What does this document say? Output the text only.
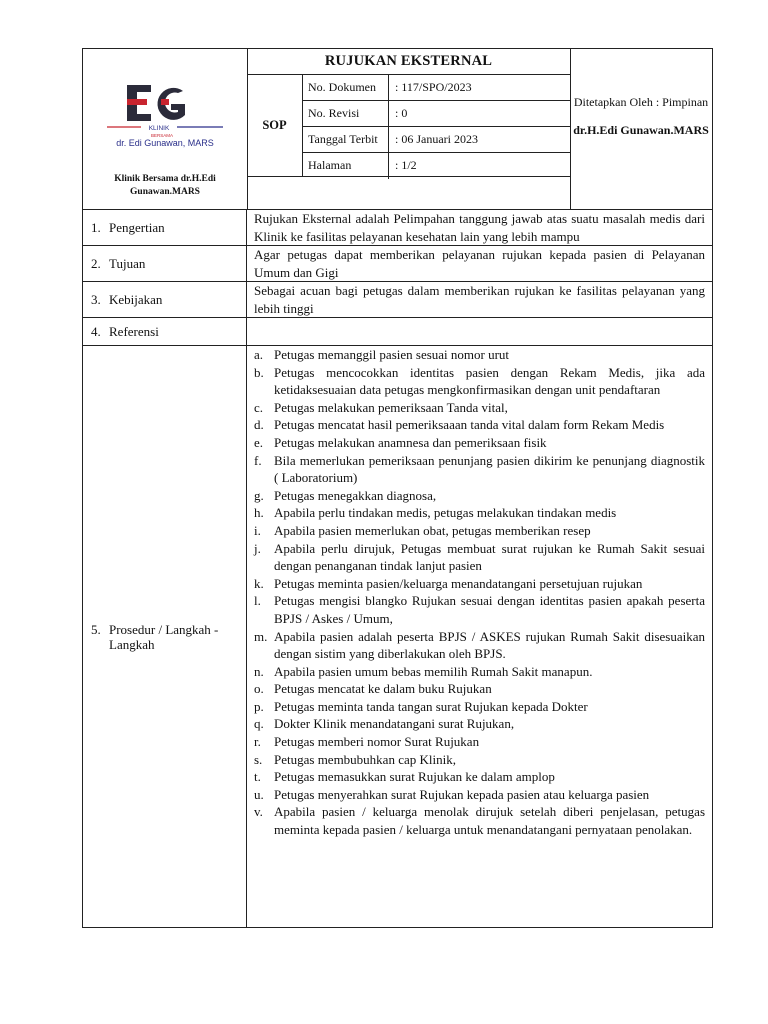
KLINIK
BERSAMA
dr. Edi Gunawan, MARS
Klinik Bersama dr.H.Edi Gunawan.MARS
RUJUKAN EKSTERNAL
SOP
No. Dokumen	: 117/SPO/2023
No. Revisi	: 0
Tanggal Terbit	: 06 Januari 2023
Halaman	: 1/2
Ditetapkan Oleh : Pimpinan
dr.H.Edi Gunawan.MARS
1. Pengertian
Rujukan Eksternal adalah Pelimpahan tanggung jawab atas suatu masalah medis dari Klinik ke fasilitas pelayanan kesehatan lain yang lebih mampu
2. Tujuan
Agar petugas dapat memberikan pelayanan rujukan kepada pasien di Pelayanan Umum dan Gigi
3. Kebijakan
Sebagai acuan bagi petugas dalam memberikan rujukan ke fasilitas pelayanan yang lebih tinggi
4. Referensi
5. Prosedur / Langkah - Langkah
a. Petugas memanggil pasien sesuai nomor urut
b. Petugas mencocokkan identitas pasien dengan Rekam Medis, jika ada ketidaksesuaian data petugas mengkonfirmasikan dengan unit pendaftaran
c. Petugas melakukan pemeriksaan Tanda vital,
d. Petugas mencatat hasil pemeriksaaan tanda vital dalam form Rekam Medis
e. Petugas melakukan anamnesa dan pemeriksaan fisik
f. Bila memerlukan pemeriksaan penunjang pasien dikirim ke penunjang diagnostik ( Laboratorium)
g. Petugas menegakkan diagnosa,
h. Apabila perlu tindakan medis, petugas melakukan tindakan medis
i.	Apabila pasien memerlukan obat, petugas memberikan resep
j.	Apabila perlu dirujuk, Petugas membuat surat rujukan ke Rumah Sakit sesuai dengan penanganan tindak lanjut pasien
k. Petugas meminta pasien/keluarga menandatangani persetujuan rujukan
l.	Petugas mengisi blangko Rujukan sesuai dengan identitas pasien apakah peserta BPJS / Askes / Umum,
m. Apabila pasien adalah peserta BPJS / ASKES rujukan Rumah Sakit disesuaikan dengan sistim yang diberlakukan oleh BPJS.
n. Apabila pasien umum bebas memilih Rumah Sakit manapun.
o. Petugas mencatat ke dalam buku Rujukan
p. Petugas meminta tanda tangan surat Rujukan kepada Dokter
q. Dokter Klinik menandatangani surat Rujukan,
r.	Petugas memberi nomor Surat Rujukan
s. Petugas membubuhkan cap Klinik,
t.	Petugas memasukkan surat Rujukan ke dalam amplop
u. Petugas menyerahkan surat Rujukan kepada pasien atau keluarga pasien
v. Apabila pasien / keluarga menolak dirujuk setelah diberi penjelasan, petugas meminta kepada pasien / keluarga untuk menandatangani pernyataan penolakan.
